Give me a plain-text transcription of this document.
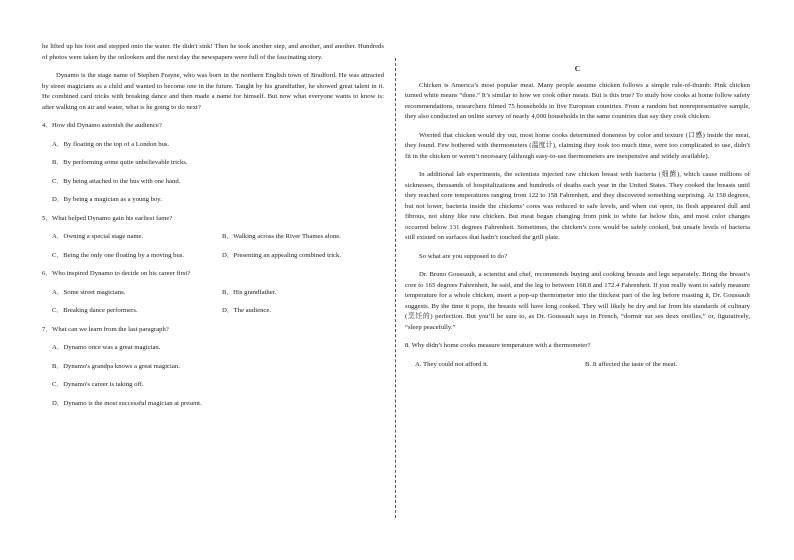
he lifted up his foot and stepped onto the water. He didn't sink! Then he took another step, and another, and another. Hundreds of photos were taken by the onlookers and the next day the newspapers were full of the fascinating story.

Dynamo is the stage name of Stephen Frayne, who was born in the northern English town of Bradford. He was attracted by street magicians as a child and wanted to become one in the future. Taught by his grandfather, he showed great talent in it. He combined card tricks with breaking dance and then made a name for himself. But now what everyone wants to know is: after walking on air and water, what is he going to do next?

4．How did Dynamo astonish the audience?

A．By floating on the top of a London bus.

B．By performing some quite unbelievable tricks.

C．By being attached to the bus with one hand.

D．By being a magician as a young boy.

5．What helped Dynamo gain his earliest fame?

A．Owning a special stage name.	B．Walking across the River Thames alone.
C．Being the only one floating by a moving bus.	D．Presenting an appealing combined trick.

6．Who inspired Dynamo to decide on his career first?

A．Some street magicians.	B．His grandfather.
C．Breaking dance performers.	D．The audience.

7．What can we learn from the last paragraph?

A．Dynamo once was a great magician.

B．Dynamo's grandpa knows a great magician.

C．Dynamo's career is taking off.

D．Dynamo is the most successful magician at present.

C

Chicken is America’s most popular meat. Many people assume chicken follows a simple rule-of-thumb: Pink chicken turned white means “done.” It’s similar to how we cook other meats. But is this true? To study how cooks at home follow safety recommendations, researchers filmed 75 households in five European countries. From a random but nonrepresentative sample, they also conducted an online survey of nearly 4,000 households in the same countries that say they cook chicken.

Worried that chicken would dry out, most home cooks determined doneness by color and texture (口感) inside the meat, they found. Few bothered with thermometers (温度计), claiming they took too much time, were too complicated to use, didn’t fit in the chicken or weren’t necessary (although easy-to-use thermometers are inexpensive and widely available).

In additional lab experiments, the scientists injected raw chicken breast with bacteria (细菌), which cause millions of sicknesses, thousands of hospitalizations and hundreds of deaths each year in the United States. They cooked the breasts until they reached core temperatures ranging from 122 to 158 Fahrenheit, and they discovered something surprising. At 158 degrees, but not lower, bacteria inside the chickens’ cores was reduced to safe levels, and when cut open, its flesh appeared dull and fibrous, not shiny like raw chicken. But meat began changing from pink to white far below this, and most color changes occurred below 131 degrees Fahrenheit. Sometimes, the chicken’s core would be safely cooked, but unsafe levels of bacteria still existed on surfaces that hadn’t touched the grill plate.

So what are you supposed to do?

Dr. Bruno Goussault, a scientist and chef, recommends buying and cooking breasts and legs separately. Bring the breast’s core to 165 degrees Fahrenheit, he said, and the leg to between 168.8 and 172.4 Fahrenheit. If you really want to safely measure temperature for a whole chicken, insert a pop-up thermometer into the thickest part of the leg before roasting it, Dr. Goussault suggests. By the time it pops, the breasts will have long cooked. They will likely be dry and far from his standards of culinary (烹饪的) perfection. But you’ll be sure to, as Dr. Goussault says in French, “dormir sur ses deux oreilles,” or, figuratively, “sleep peacefully.”

8. Why didn’t home cooks measure temperature with a thermometer?

A. They could not afford it.	B. It affected the taste of the meat.
